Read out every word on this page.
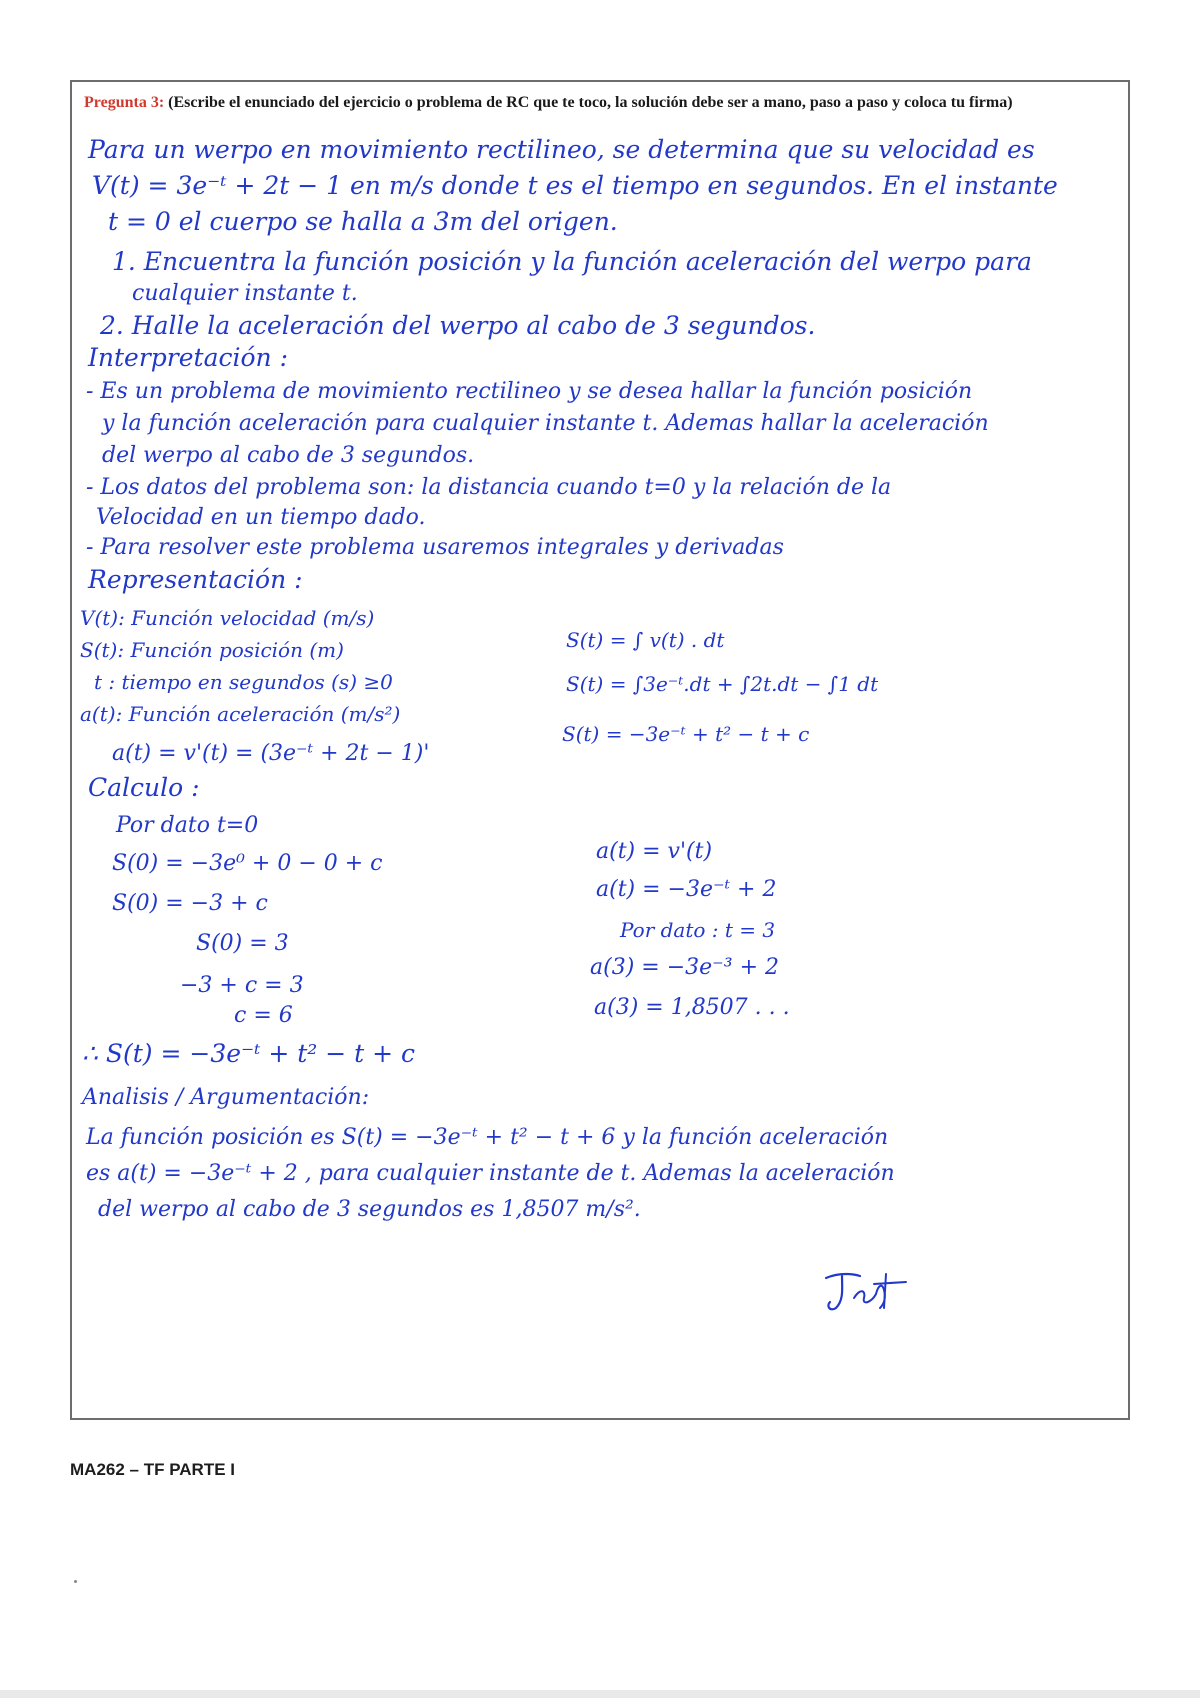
Pregunta 3: (Escribe el enunciado del ejercicio o problema de RC que te toco, la solución debe ser a mano, paso a paso y coloca tu firma)
Para un werpo en movimiento rectilineo, se determina que su velocidad es
V(t) = 3e⁻ᵗ + 2t − 1 en m/s donde t es el tiempo en segundos. En el instante
t = 0 el cuerpo se halla a 3m del origen.
1. Encuentra la función posición y la función aceleración del werpo para
cualquier instante t.
2. Halle la aceleración del werpo al cabo de 3 segundos.
Interpretación :
- Es un problema de movimiento rectilineo y se desea hallar la función posición
y la función aceleración para cualquier instante t. Ademas hallar la aceleración
del werpo al cabo de 3 segundos.
- Los datos del problema son: la distancia cuando t=0 y la relación de la
Velocidad en un tiempo dado.
- Para resolver este problema usaremos integrales y derivadas
Representación :
V(t): Función velocidad (m/s)
S(t): Función posición (m)
t : tiempo en segundos (s) ≥0
a(t): Función aceleración (m/s²)
S(t) = ∫ v(t) . dt
S(t) = ∫3e⁻ᵗ.dt + ∫2t.dt − ∫1 dt
S(t) = −3e⁻ᵗ + t² − t + c
a(t) = v'(t) = (3e⁻ᵗ + 2t − 1)'
Calculo :
Por dato t=0
S(0) = −3e⁰ + 0 − 0 + c
S(0) = −3 + c
S(0) = 3
−3 + c = 3
c = 6
a(t) = v'(t)
a(t) = −3e⁻ᵗ + 2
Por dato : t = 3
a(3) = −3e⁻³ + 2
a(3) = 1,8507 . . .
∴ S(t) = −3e⁻ᵗ + t² − t + c
Analisis / Argumentación:
La función posición es S(t) = −3e⁻ᵗ + t² − t + 6 y la función aceleración
es a(t) = −3e⁻ᵗ + 2 , para cualquier instante de t. Ademas la aceleración
del werpo al cabo de 3 segundos es 1,8507 m/s².
MA262 – TF PARTE I
